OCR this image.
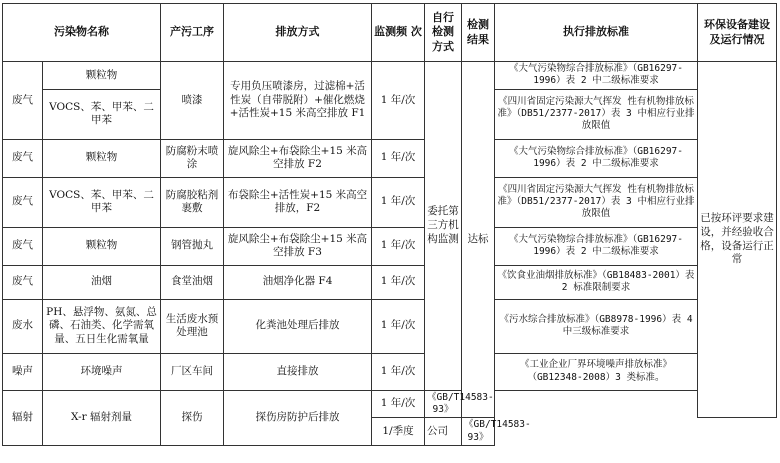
污染物名称		产污工序	排放方式	监测频 次	自行检测方式	检测结果	执行排放标准	环保设备建设及运行情况
废气	颗粒物	喷漆	专用负压喷漆房，过滤棉+活性炭（自带脱附）+催化燃烧+活性炭+15 米高空排放 F1	1 年/次	委托第三方机构监测	达标	《大气污染物综合排放标准》（GB16297-1996）表 2 中二级标准要求	已按环评要求建设，并经验收合格，设备运行正常
	VOCS、苯、甲苯、二甲苯						《四川省固定污染源大气挥发 性有机物排放标准》（DB51/2377-2017）表 3 中相应行业排放限值	
废气	颗粒物	防腐粉末喷涂	旋风除尘+布袋除尘+15 米高空排放 F2	1 年/次			《大气污染物综合排放标准》（GB16297-1996）表 2 中二级标准要求	
废气	VOCS、苯、甲苯、二甲苯	防腐胶粘剂裹敷	布袋除尘+活性炭+15 米高空排放，F2	1 年/次			《四川省固定污染源大气挥发 性有机物排放标准》（DB51/2377-2017）表 3 中相应行业排放限值	
废气	颗粒物	钢管抛丸	旋风除尘+布袋除尘+15 米高空排放 F3	1 年/次			《大气污染物综合排放标准》（GB16297-1996）表 2 中二级标准要求	
废气	油烟	食堂油烟	油烟净化器 F4	1 年/次			《饮食业油烟排放标准》（GB18483-2001）表 2 标准限制要求	
废水	PH、悬浮物、氨氮、总磷、石油类、化学需氧量、五日生化需氧量	生活废水预处理池	化粪池处理后排放	1 年/次			《污水综合排放标准》（GB8978-1996）表 4 中三级标准要求	
噪声	环境噪声	厂区车间	直接排放	1 年/次			《工业企业厂界环境噪声排放标准》（GB12348-2008）3 类标准。	
辐射	X-r 辐射剂量	探伤	探伤房防护后排放	1 年/次	《GB/T14583-93》			
				1/季度	公司	《GB/T14583-93》		
